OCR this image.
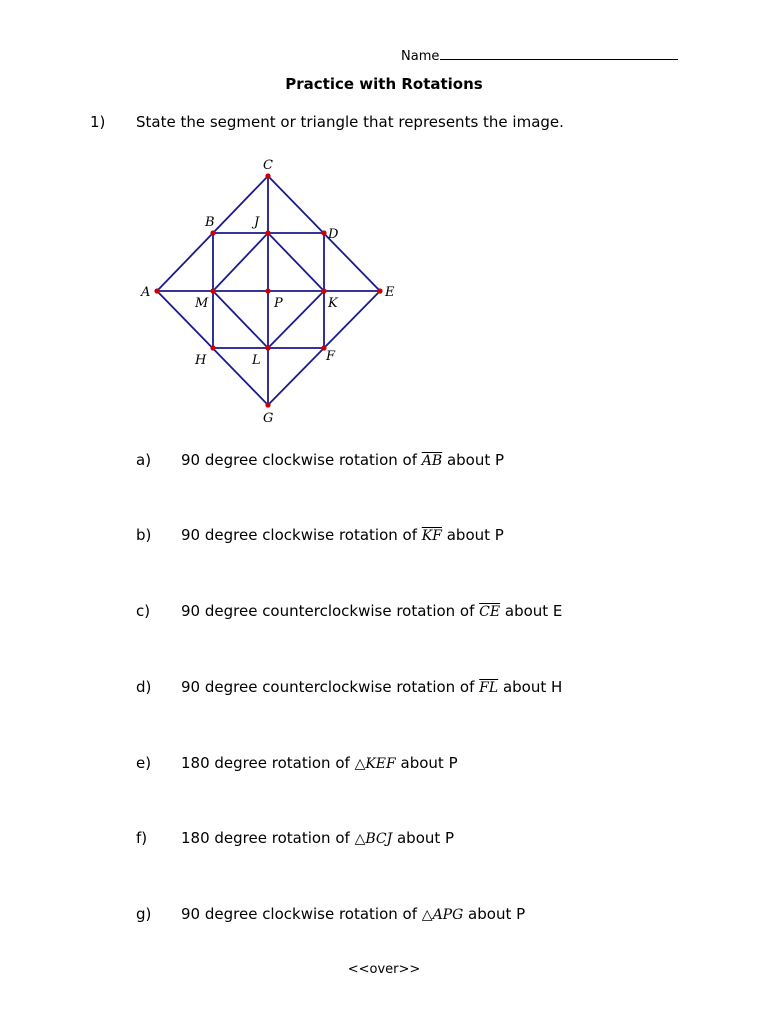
Name
Practice with Rotations
1) State the segment or triangle that represents the image.
C
B	J
D
A	E
M	P	K
H	L	F
G
a) 90 degree clockwise rotation of $\overline{AB}$ about P
b) 90 degree clockwise rotation of $\overline{KF}$ about P
c) 90 degree counterclockwise rotation of $\overline{CE}$ about E
d) 90 degree counterclockwise rotation of $\overline{FL}$ about H
e) 180 degree rotation of △KEF about P
f) 180 degree rotation of △BCJ about P
g) 90 degree clockwise rotation of △APG about P
<<over>>
